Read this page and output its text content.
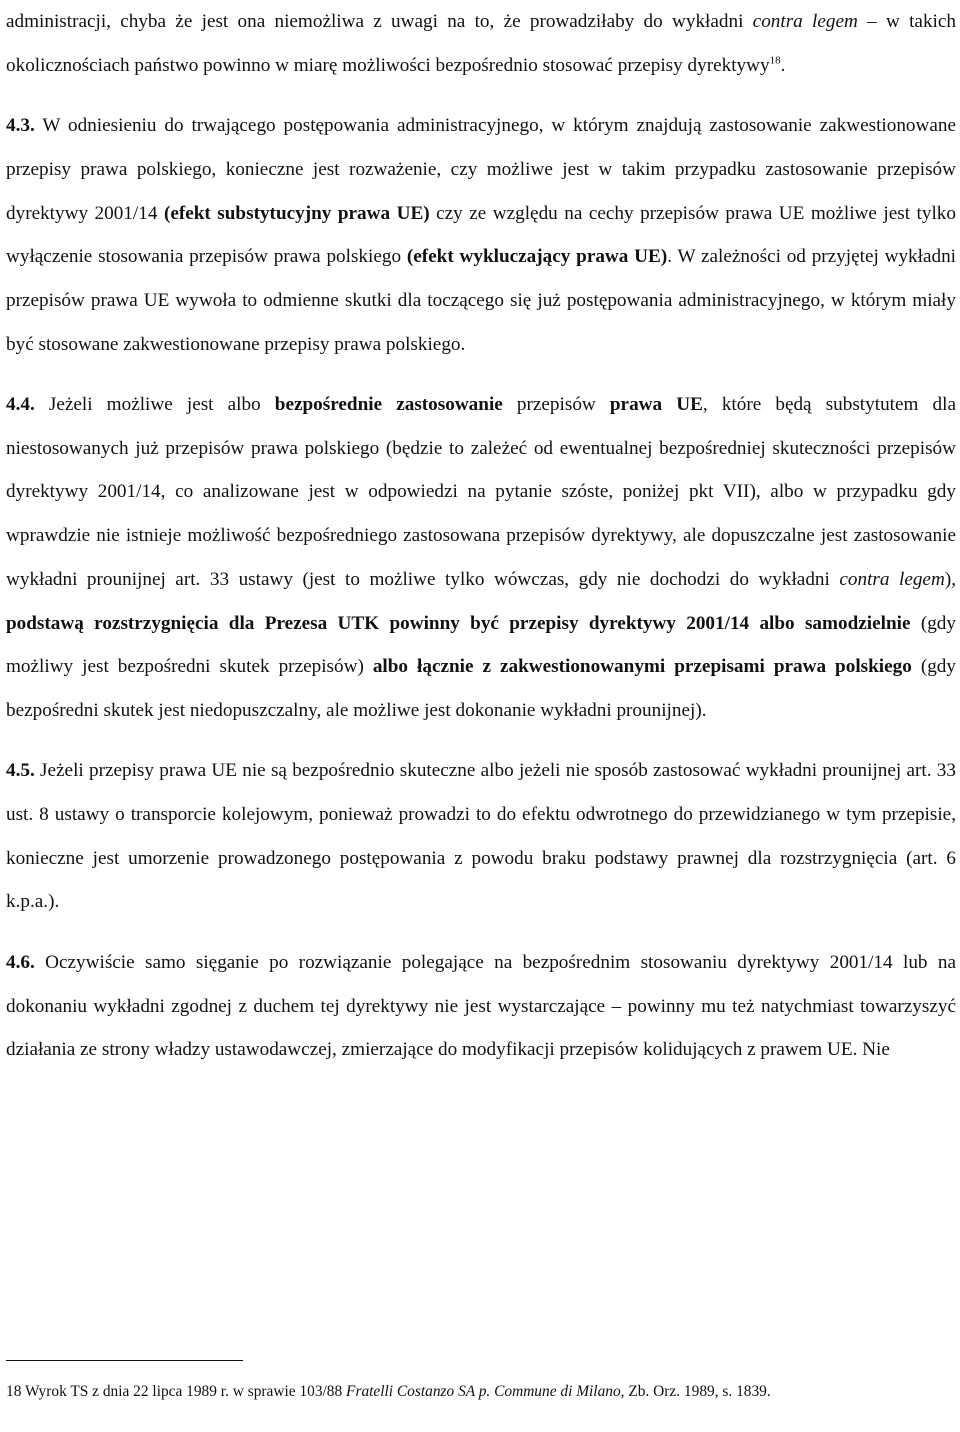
administracji, chyba że jest ona niemożliwa z uwagi na to, że prowadziłaby do wykładni contra legem – w takich okolicznościach państwo powinno w miarę możliwości bezpośrednio stosować przepisy dyrektywy$^{18}$.

4.3. W odniesieniu do trwającego postępowania administracyjnego, w którym znajdują zastosowanie zakwestionowane przepisy prawa polskiego, konieczne jest rozważenie, czy możliwe jest w takim przypadku zastosowanie przepisów dyrektywy 2001/14 (efekt substytucyjny prawa UE) czy ze względu na cechy przepisów prawa UE możliwe jest tylko wyłączenie stosowania przepisów prawa polskiego (efekt wykluczający prawa UE). W zależności od przyjętej wykładni przepisów prawa UE wywoła to odmienne skutki dla toczącego się już postępowania administracyjnego, w którym miały być stosowane zakwestionowane przepisy prawa polskiego.

4.4. Jeżeli możliwe jest albo bezpośrednie zastosowanie przepisów prawa UE, które będą substytutem dla niestosowanych już przepisów prawa polskiego (będzie to zależeć od ewentualnej bezpośredniej skuteczności przepisów dyrektywy 2001/14, co analizowane jest w odpowiedzi na pytanie szóste, poniżej pkt VII), albo w przypadku gdy wprawdzie nie istnieje możliwość bezpośredniego zastosowana przepisów dyrektywy, ale dopuszczalne jest zastosowanie wykładni prounijnej art. 33 ustawy (jest to możliwe tylko wówczas, gdy nie dochodzi do wykładni contra legem), podstawą rozstrzygnięcia dla Prezesa UTK powinny być przepisy dyrektywy 2001/14 albo samodzielnie (gdy możliwy jest bezpośredni skutek przepisów) albo łącznie z zakwestionowanymi przepisami prawa polskiego (gdy bezpośredni skutek jest niedopuszczalny, ale możliwe jest dokonanie wykładni prounijnej).

4.5. Jeżeli przepisy prawa UE nie są bezpośrednio skuteczne albo jeżeli nie sposób zastosować wykładni prounijnej art. 33 ust. 8 ustawy o transporcie kolejowym, ponieważ prowadzi to do efektu odwrotnego do przewidzianego w tym przepisie, konieczne jest umorzenie prowadzonego postępowania z powodu braku podstawy prawnej dla rozstrzygnięcia (art. 6 k.p.a.).

4.6. Oczywiście samo sięganie po rozwiązanie polegające na bezpośrednim stosowaniu dyrektywy 2001/14 lub na dokonaniu wykładni zgodnej z duchem tej dyrektywy nie jest wystarczające – powinny mu też natychmiast towarzyszyć działania ze strony władzy ustawodawczej, zmierzające do modyfikacji przepisów kolidujących z prawem UE. Nie

18 Wyrok TS z dnia 22 lipca 1989 r. w sprawie 103/88 Fratelli Costanzo SA p. Commune di Milano, Zb. Orz. 1989, s. 1839.
